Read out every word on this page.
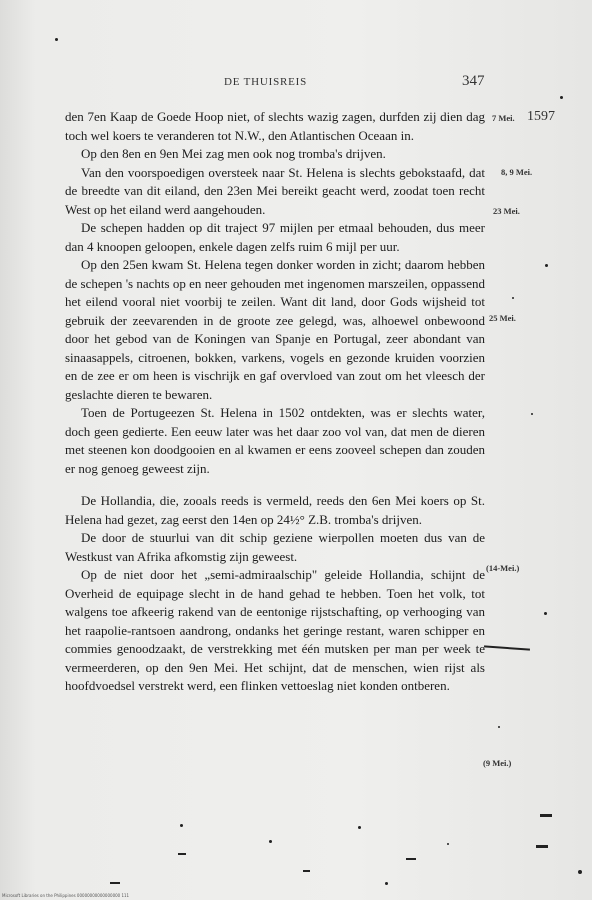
DE THUISREIS	347
1597
7 Mei.
8, 9 Mei.
23 Mei.
25 Mei.
(14-Mei.)
(9 Mei.)

den 7en Kaap de Goede Hoop niet, of slechts wazig zagen, durfden zij dien dag toch wel koers te veranderen tot N.W., den Atlantischen Oceaan in.

Op den 8en en 9en Mei zag men ook nog tromba's drijven.

Van den voorspoedigen oversteek naar St. Helena is slechts gebokstaafd, dat de breedte van dit eiland, den 23en Mei bereikt geacht werd, zoodat toen recht West op het eiland werd aangehouden.

De schepen hadden op dit traject 97 mijlen per etmaal behouden, dus meer dan 4 knoopen geloopen, enkele dagen zelfs ruim 6 mijl per uur.

Op den 25en kwam St. Helena tegen donker worden in zicht; daarom hebben de schepen 's nachts op en neer gehouden met ingenomen marszeilen, oppassend het eilend vooral niet voorbij te zeilen. Want dit land, door Gods wijsheid tot gebruik der zeevarenden in de groote zee gelegd, was, alhoewel onbewoond door het gebod van de Koningen van Spanje en Portugal, zeer abondant van sinaasappels, citroenen, bokken, varkens, vogels en gezonde kruiden voorzien en de zee er om heen is vischrijk en gaf overvloed van zout om het vleesch der geslachte dieren te bewaren.

Toen de Portugeezen St. Helena in 1502 ontdekten, was er slechts water, doch geen gedierte. Een eeuw later was het daar zoo vol van, dat men de dieren met steenen kon doodgooien en al kwamen er eens zooveel schepen dan zouden er nog genoeg geweest zijn.

De Hollandia, die, zooals reeds is vermeld, reeds den 6en Mei koers op St. Helena had gezet, zag eerst den 14en op 24½° Z.B. tromba's drijven.

De door de stuurlui van dit schip geziene wierpollen moeten dus van de Westkust van Afrika afkomstig zijn geweest.

Op de niet door het „semi-admiraalschip" geleide Hollandia, schijnt de Overheid de equipage slecht in de hand gehad te hebben. Toen het volk, tot walgens toe afkeerig rakend van de eentonige rijstschafting, op verhooging van het raapolie-rantsoen aandrong, ondanks het geringe restant, waren schipper en commies genoodzaakt, de verstrekking met één mutsken per man per week te vermeerderen, op den 9en Mei. Het schijnt, dat de menschen, wien rijst als hoofdvoedsel verstrekt werd, een flinken vettoeslag niet konden ontberen.

Microsoft Libraries on the Philippines 00000000000000000 111
